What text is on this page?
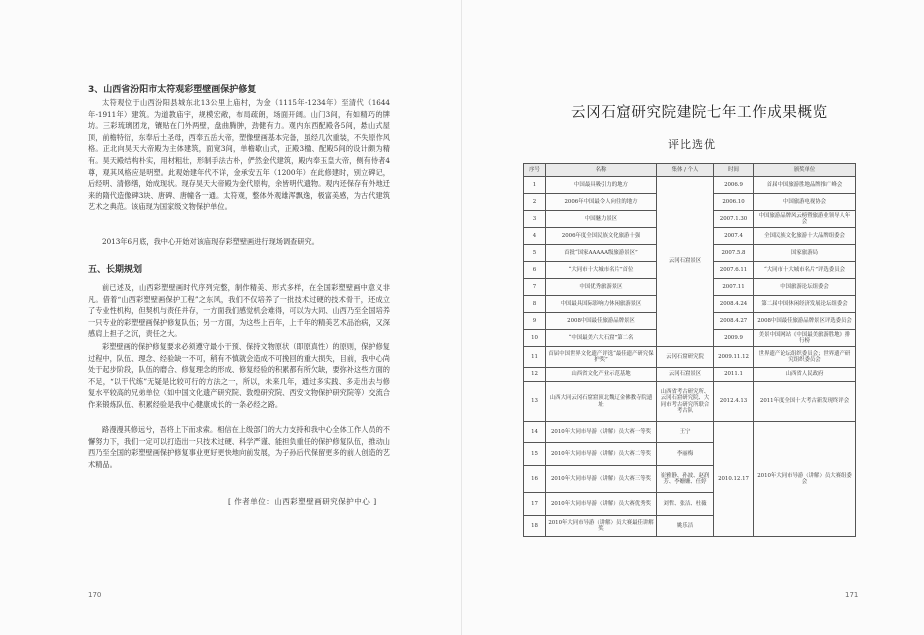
3、山西省汾阳市太符观彩塑壁画保护修复

太符观位于山西汾阳县城东北13公里上庙村，为金（1115年-1234年）至清代（1644年-1911年）建筑。为道教庙宇，规模宏敞，布局疏朗，场面开阔。山门3间，有如精巧的牌坊。三彩琉璃团龙，镶贴在门外两壁，盘曲腾肿，劲健有力。观内东西配殿各5间，悬山式屋顶，前檐特衍，东奉后土圣母，西奉五岳大帝，塑像壁画基本完备，虽经几次重装，不失原作风格。正北向昊天大帝殿为主体建筑，面宽3间，单檐歇山式，正殿3楹、配殿5间的设计颇为精有。昊天殿结构朴实，用材粗壮，形制手法古朴，俨然金代建筑，殿内奉玉皇大帝，侧有侍者4尊，观其风格应是明塑。此观始建年代不详，金承安五年（1200年）在此修建时，别立碑记，后经明、清修缮，始成现状。现存昊天大帝殿为金代原构，余皆明代遗物。观内还保存有外地迁来的隋代造像碑3块、唐碑、唐幢各一通。太符观，整体外观雄浑飘逸，极富美感，为古代建筑艺术之典范。该庙现为国家级文物保护单位。

2013年6月底，我中心开始对该庙现存彩塑壁画进行现场调查研究。

五、长期规划

前已述及，山西彩塑壁画时代序列完整，制作精美、形式多样，在全国彩塑壁画中意义非凡。借着“山西彩塑壁画保护工程”之东风，我们不仅培养了一批技术过硬的技术骨干，还成立了专业性机构，但契机与责任并存，一方面我们感觉机会难得，可以为大同、山西乃至全国培养一只专业的彩塑壁画保护修复队伍；另一方面，为这些上百年，上千年的精美艺术品治病，又深感肩上担子之沉，责任之大。

彩塑壁画的保护修复要求必须遵守最小干预、保持文物原状（即原真性）的原则，保护修复过程中，队伍、理念、经验缺一不可，稍有不慎就会造成不可挽回的重大损失，目前，我中心尚处于起步阶段，队伍的磨合、修复理念的形成、修复经验的积累都有所欠缺，要弥补这些方面的不足，“以干代练”无疑是比较可行的方法之一，所以，未来几年，通过多实践、多走出去与修复水平较高的兄弟单位（如中国文化遗产研究院、敦煌研究院、西安文物保护研究院等）交流合作来锻炼队伍、积累经验是我中心健康成长的一条必经之路。

路漫漫其修远兮，吾将上下而求索。相信在上级部门的大力支持和我中心全体工作人员的不懈努力下，我们一定可以打造出一只技术过硬、科学严谨、能担负重任的保护修复队伍，推动山西乃至全国的彩塑壁画保护修复事业更好更快地向前发展，为子孙后代保留更多的前人创造的艺术精品。

[ 作者单位：山西彩塑壁画研究保护中心 ]
170	171
云冈石窟研究院建院七年工作成果概览
评比选优
序号	名称	集体 / 个人	时间	颁奖单位
1	中国最具吸引力的地方	云冈石窟景区	2006.9	首届中国旅游胜地品牌推广峰会
2	2006年中国最令人向往的地方		2006.10	中国旅游电视协会
3	中国魅力景区		2007.1.30	中国旅游品牌风云榜暨旅游业领导人年会
4	2006年度全国民族文化旅游十强		2007.4	全国民族文化旅游十大品牌组委会
5	首批“国家AAAAA级旅游景区”		2007.5.8	国家旅游局
6	“大同市十大城市名片”首位		2007.6.11	“大同市十大城市名片”评选委员会
7	中国优秀旅游景区		2007.11	中国旅游论坛组委会
8	中国最具国际影响力休闲旅游景区		2008.4.24	第二届中国休闲经济发展论坛组委会
9	2008中国最佳旅游品牌景区		2008.4.27	2008中国最佳旅游品牌景区评选委员会
10	“中国最美六大石窟”第二名		2009.9	美景中国网站《中国最美旅游胜地》排行榜
11	首届中国世界文化遗产评选“最佳遗产研究保护奖”	云冈石窟研究院	2009.11.12	世界遗产论坛组织委员会；世界遗产研究组织委员会
12	山西省文化产业示范基地	云冈石窟景区	2011.1	山西省人民政府
13	山西大同云冈石窟窟顶北魏辽金佛教寺院遗址	山西省考古研究所、云冈石窟研究院、大同市考古研究所联合考古队	2012.4.13	2011年度全国十大考古新发现终评会
14	2010年大同市导游（讲解）员大赛一等奖	王宁	2010.12.17	2010年大同市导游（讲解）员大赛组委会
15	2010年大同市导游（讲解）员大赛二等奖	李丽梅		
16	2010年大同市导游（讲解）员大赛三等奖	崔雅静、孙波、赵润芳、李姗姗、任婷		
17	2010年大同市导游（讲解）员大赛优秀奖	刘哲、张洁、杜薇		
18	2010年大同市导游（讲解）员大赛最佳讲解奖	姚乐洁		
